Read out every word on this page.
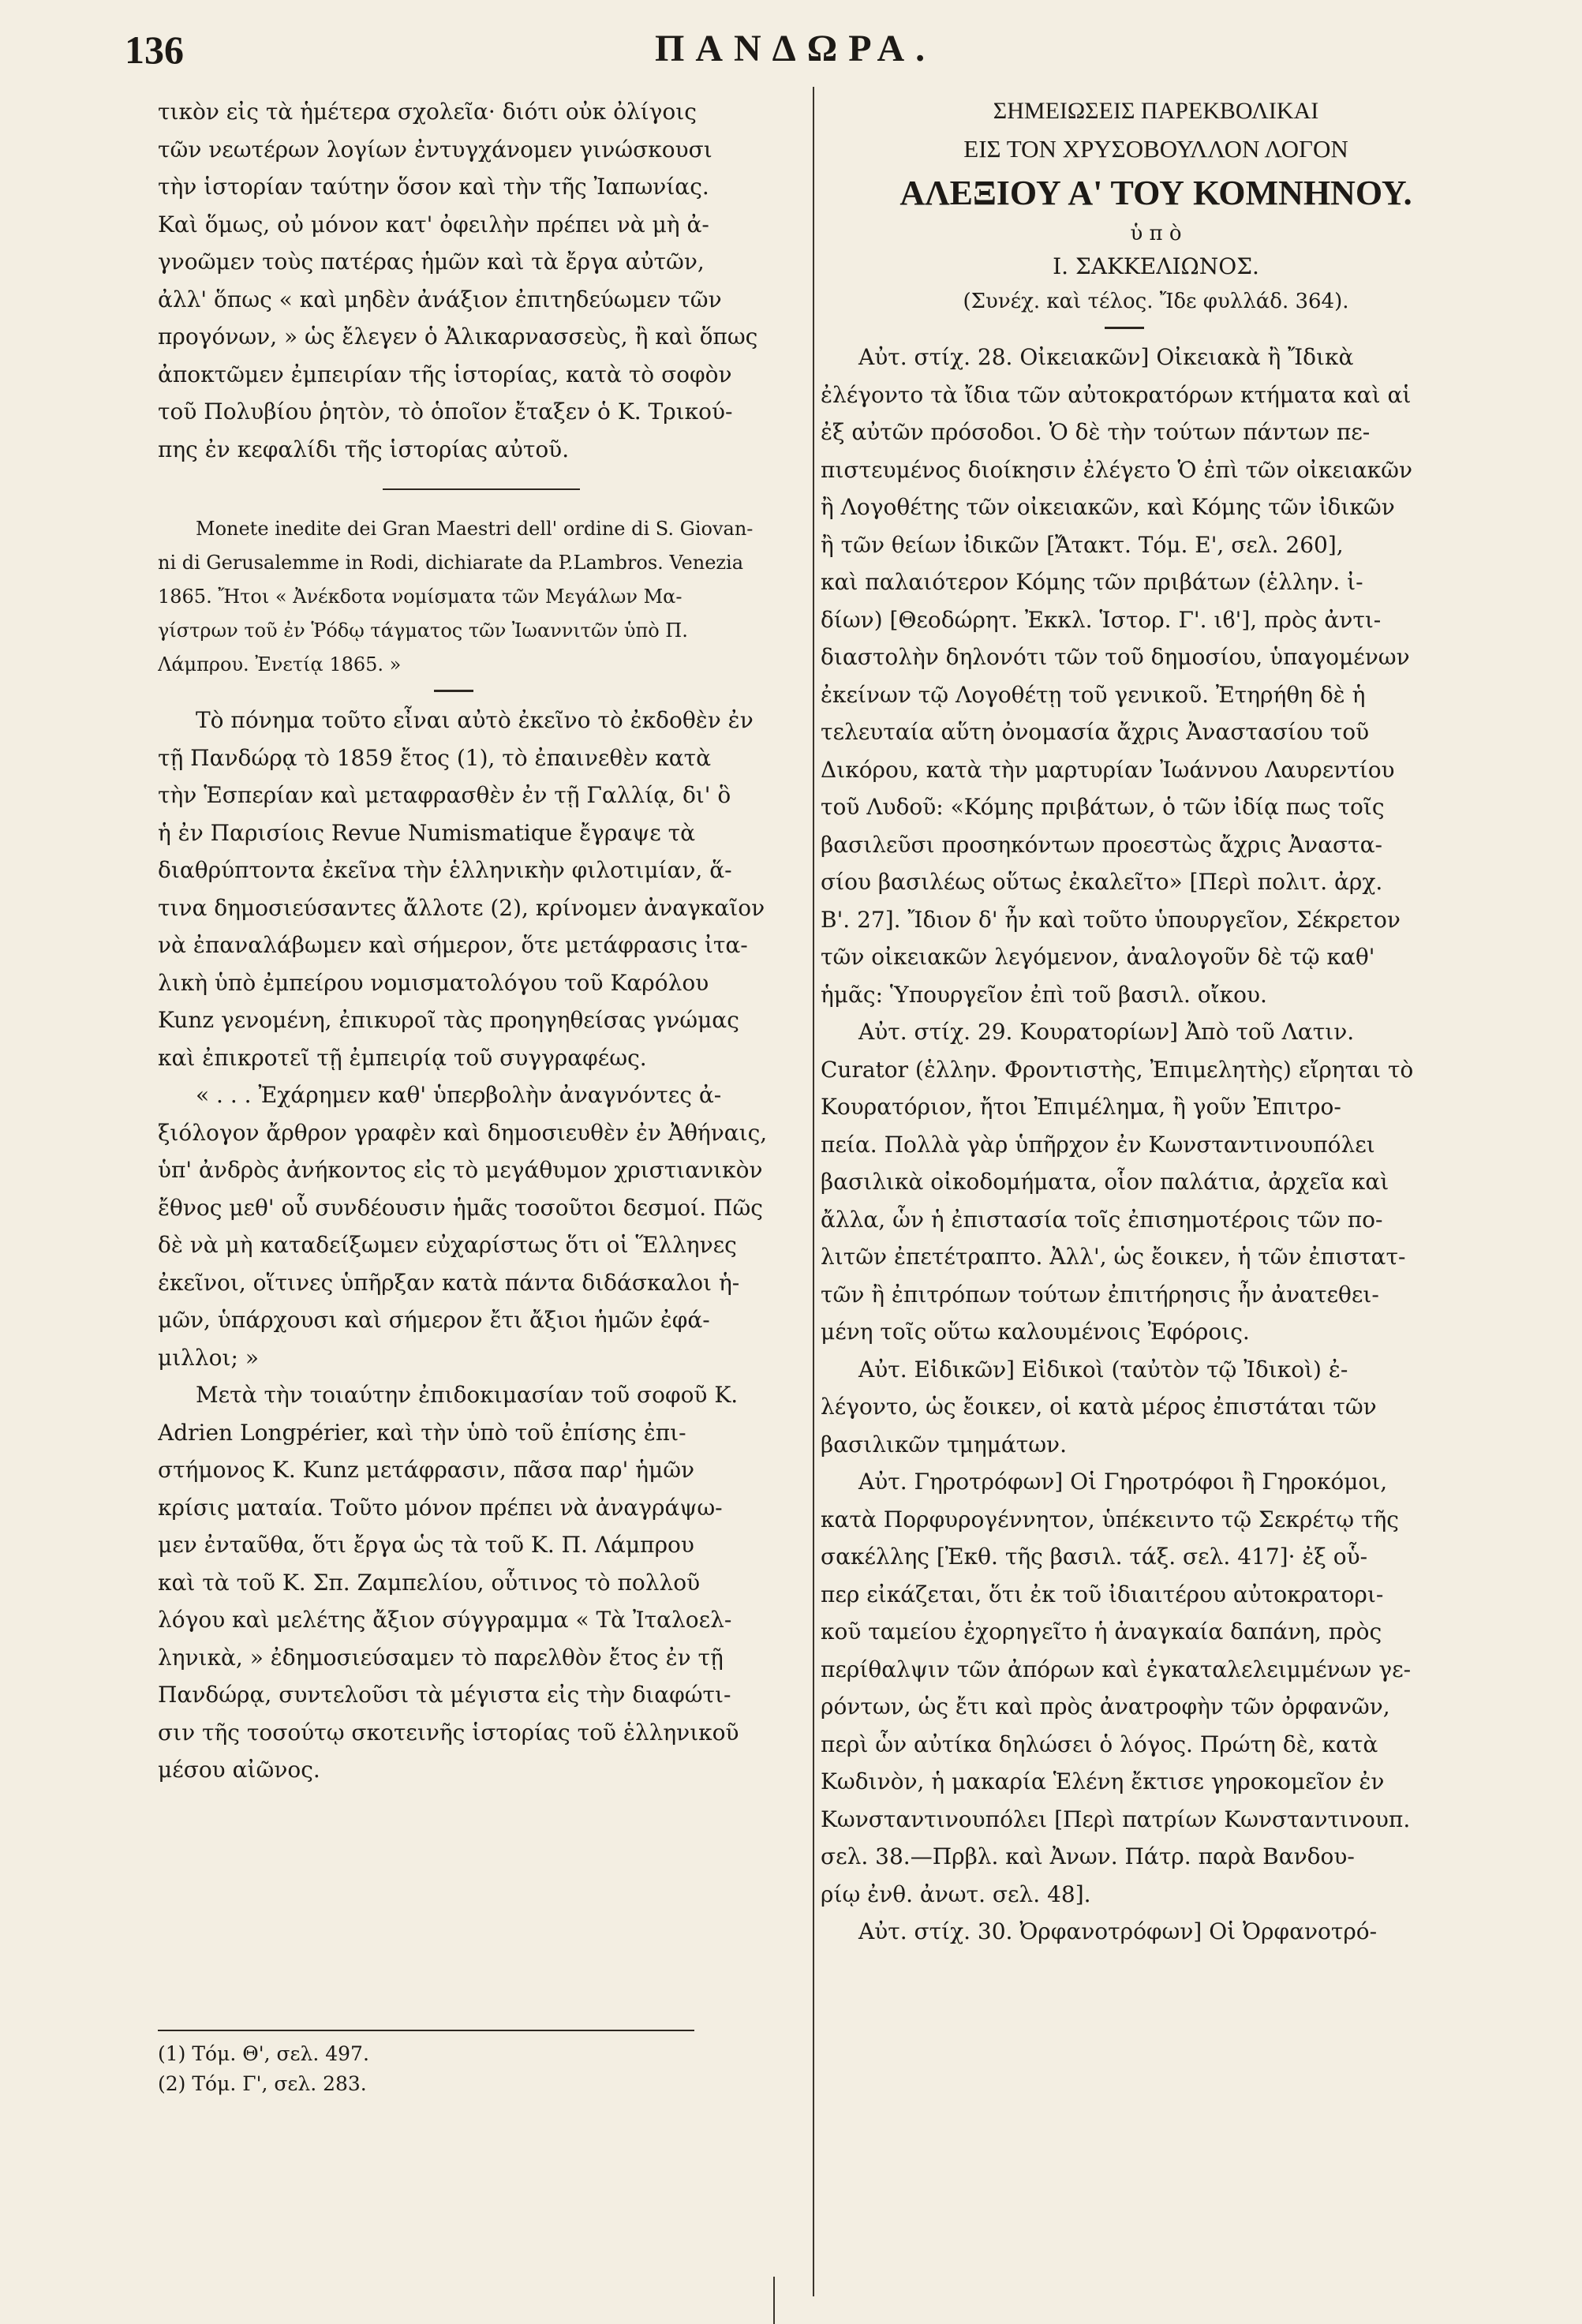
136	ΠΑΝΔΩΡΑ.
τικὸν εἰς τὰ ἡμέτερα σχολεῖα· διότι οὐκ ὀλίγοις
τῶν νεωτέρων λογίων ἐντυγχάνομεν γινώσκουσι
τὴν ἱστορίαν ταύτην ὅσον καὶ τὴν τῆς Ἰαπωνίας.
Καὶ ὅμως, οὐ μόνον κατ' ὀφειλὴν πρέπει νὰ μὴ ἀ-
γνοῶμεν τοὺς πατέρας ἡμῶν καὶ τὰ ἔργα αὐτῶν,
ἀλλ' ὅπως « καὶ μηδὲν ἀνάξιον ἐπιτηδεύωμεν τῶν
προγόνων, » ὡς ἔλεγεν ὁ Ἀλικαρνασσεὺς, ἢ καὶ ὅπως
ἀποκτῶμεν ἐμπειρίαν τῆς ἱστορίας, κατὰ τὸ σοφὸν
τοῦ Πολυβίου ῥητὸν, τὸ ὁποῖον ἔταξεν ὁ Κ. Τρικού-
πης ἐν κεφαλίδι τῆς ἱστορίας αὐτοῦ.
Monete inedite dei Gran Maestri dell' ordine di S. Giovan-
ni di Gerusalemme in Rodi, dichiarate da P.Lambros. Venezia
1865. Ἤτοι « Ἀνέκδοτα νομίσματα τῶν Μεγάλων Μα-
γίστρων τοῦ ἐν Ῥόδῳ τάγματος τῶν Ἰωαννιτῶν ὑπὸ Π.
Λάμπρου. Ἐνετίᾳ 1865. »
Τὸ πόνημα τοῦτο εἶναι αὐτὸ ἐκεῖνο τὸ ἐκδοθὲν ἐν
τῇ Πανδώρᾳ τὸ 1859 ἔτος (1), τὸ ἐπαινεθὲν κατὰ
τὴν Ἑσπερίαν καὶ μεταφρασθὲν ἐν τῇ Γαλλίᾳ, δι' ὃ
ἡ ἐν Παρισίοις Revue Numismatique ἔγραψε τὰ
διαθρύπτοντα ἐκεῖνα τὴν ἑλληνικὴν φιλοτιμίαν, ἅ-
τινα δημοσιεύσαντες ἄλλοτε (2), κρίνομεν ἀναγκαῖον
νὰ ἐπαναλάβωμεν καὶ σήμερον, ὅτε μετάφρασις ἰτα-
λικὴ ὑπὸ ἐμπείρου νομισματολόγου τοῦ Καρόλου
Kunz γενομένη, ἐπικυροῖ τὰς προηγηθείσας γνώμας
καὶ ἐπικροτεῖ τῇ ἐμπειρίᾳ τοῦ συγγραφέως.
« . . . Ἐχάρημεν καθ' ὑπερβολὴν ἀναγνόντες ἀ-
ξιόλογον ἄρθρον γραφὲν καὶ δημοσιευθὲν ἐν Ἀθήναις,
ὑπ' ἀνδρὸς ἀνήκοντος εἰς τὸ μεγάθυμον χριστιανικὸν
ἔθνος μεθ' οὗ συνδέουσιν ἡμᾶς τοσοῦτοι δεσμοί. Πῶς
δὲ νὰ μὴ καταδείξωμεν εὐχαρίστως ὅτι οἱ Ἕλληνες
ἐκεῖνοι, οἵτινες ὑπῆρξαν κατὰ πάντα διδάσκαλοι ἡ-
μῶν, ὑπάρχουσι καὶ σήμερον ἔτι ἄξιοι ἡμῶν ἐφά-
μιλλοι; »
Μετὰ τὴν τοιαύτην ἐπιδοκιμασίαν τοῦ σοφοῦ Κ.
Adrien Longpérier, καὶ τὴν ὑπὸ τοῦ ἐπίσης ἐπι-
στήμονος Κ. Kunz μετάφρασιν, πᾶσα παρ' ἡμῶν
κρίσις ματαία. Τοῦτο μόνον πρέπει νὰ ἀναγράψω-
μεν ἐνταῦθα, ὅτι ἔργα ὡς τὰ τοῦ Κ. Π. Λάμπρου
καὶ τὰ τοῦ Κ. Σπ. Ζαμπελίου, οὗτινος τὸ πολλοῦ
λόγου καὶ μελέτης ἄξιον σύγγραμμα « Τὰ Ἰταλοελ-
ληνικὰ, » ἐδημοσιεύσαμεν τὸ παρελθὸν ἔτος ἐν τῇ
Πανδώρᾳ, συντελοῦσι τὰ μέγιστα εἰς τὴν διαφώτι-
σιν τῆς τοσούτῳ σκοτεινῆς ἱστορίας τοῦ ἑλληνικοῦ
μέσου αἰῶνος.
(1) Τόμ. Θ', σελ. 497.
(2) Τόμ. Γ', σελ. 283.
ΣΗΜΕΙΩΣΕΙΣ ΠΑΡΕΚΒΟΛΙΚΑΙ
ΕΙΣ ΤΟΝ ΧΡΥΣΟΒΟΥΛΛΟΝ ΛΟΓΟΝ
ΑΛΕΞΙΟΥ Α' ΤΟΥ ΚΟΜΝΗΝΟΥ.
ὑ π ὸ
Ι. ΣΑΚΚΕΛΙΩΝΟΣ.
(Συνέχ. καὶ τέλος. Ἴδε φυλλάδ. 364).
Αὐτ. στίχ. 28. Οἰκειακῶν] Οἰκειακὰ ἢ Ἴδικὰ
ἐλέγοντο τὰ ἴδια τῶν αὐτοκρατόρων κτήματα καὶ αἱ
ἐξ αὐτῶν πρόσοδοι. Ὁ δὲ τὴν τούτων πάντων πε-
πιστευμένος διοίκησιν ἐλέγετο Ὁ ἐπὶ τῶν οἰκειακῶν
ἢ Λογοθέτης τῶν οἰκειακῶν, καὶ Κόμης τῶν ἰδικῶν
ἢ τῶν θείων ἰδικῶν [Ἄτακτ. Τόμ. Ε', σελ. 260],
καὶ παλαιότερον Κόμης τῶν πριβάτων (ἑλλην. ἰ-
δίων) [Θεοδώρητ. Ἐκκλ. Ἱστορ. Γ'. ιϐ'], πρὸς ἀντι-
διαστολὴν δηλονότι τῶν τοῦ δημοσίου, ὑπαγομένων
ἐκείνων τῷ Λογοθέτῃ τοῦ γενικοῦ. Ἐτηρήθη δὲ ἡ
τελευταία αὕτη ὀνομασία ἄχρις Ἀναστασίου τοῦ
Δικόρου, κατὰ τὴν μαρτυρίαν Ἰωάννου Λαυρεντίου
τοῦ Λυδοῦ: «Κόμης πριβάτων, ὁ τῶν ἰδίᾳ πως τοῖς
βασιλεῦσι προσηκόντων προεστὼς ἄχρις Ἀναστα-
σίου βασιλέως οὕτως ἐκαλεῖτο» [Περὶ πολιτ. ἀρχ.
Β'. 27]. Ἴδιον δ' ἦν καὶ τοῦτο ὑπουργεῖον, Σέκρετον
τῶν οἰκειακῶν λεγόμενον, ἀναλογοῦν δὲ τῷ καθ'
ἡμᾶς: Ὑπουργεῖον ἐπὶ τοῦ βασιλ. οἴκου.
Αὐτ. στίχ. 29. Κουρατορίων] Ἀπὸ τοῦ Λατιν.
Curator (ἑλλην. Φροντιστὴς, Ἐπιμελητὴς) εἴρηται τὸ
Κουρατόριον, ἤτοι Ἐπιμέλημα, ἢ γοῦν Ἐπιτρο-
πεία. Πολλὰ γὰρ ὑπῆρχον ἐν Κωνσταντινουπόλει
βασιλικὰ οἰκοδομήματα, οἷον παλάτια, ἀρχεῖα καὶ
ἄλλα, ὧν ἡ ἐπιστασία τοῖς ἐπισημοτέροις τῶν πο-
λιτῶν ἐπετέτραπτο. Ἀλλ', ὡς ἔοικεν, ἡ τῶν ἐπιστατ-
τῶν ἢ ἐπιτρόπων τούτων ἐπιτήρησις ἦν ἀνατεθει-
μένη τοῖς οὕτω καλουμένοις Ἐφόροις.
Αὐτ. Εἰδικῶν] Εἰδικοὶ (ταὐτὸν τῷ Ἰδικοὶ) ἐ-
λέγοντο, ὡς ἔοικεν, οἱ κατὰ μέρος ἐπιστάται τῶν
βασιλικῶν τμημάτων.
Αὐτ. Γηροτρόφων] Οἱ Γηροτρόφοι ἢ Γηροκόμοι,
κατὰ Πορφυρογέννητον, ὑπέκειντο τῷ Σεκρέτῳ τῆς
σακέλλης [Ἐκθ. τῆς βασιλ. τάξ. σελ. 417]· ἐξ οὗ-
περ εἰκάζεται, ὅτι ἐκ τοῦ ἰδιαιτέρου αὐτοκρατορι-
κοῦ ταμείου ἐχορηγεῖτο ἡ ἀναγκαία δαπάνη, πρὸς
περίθαλψιν τῶν ἀπόρων καὶ ἐγκαταλελειμμένων γε-
ρόντων, ὡς ἔτι καὶ πρὸς ἀνατροφὴν τῶν ὀρφανῶν,
περὶ ὧν αὐτίκα δηλώσει ὁ λόγος. Πρώτη δὲ, κατὰ
Κωδινὸν, ἡ μακαρία Ἑλένη ἔκτισε γηροκομεῖον ἐν
Κωνσταντινουπόλει [Περὶ πατρίων Κωνσταντινουπ.
σελ. 38.—Πρβλ. καὶ Ἀνων. Πάτρ. παρὰ Βανδου-
ρίῳ ἐνθ. ἀνωτ. σελ. 48].
Αὐτ. στίχ. 30. Ὀρφανοτρόφων] Οἱ Ὀρφανοτρό-
